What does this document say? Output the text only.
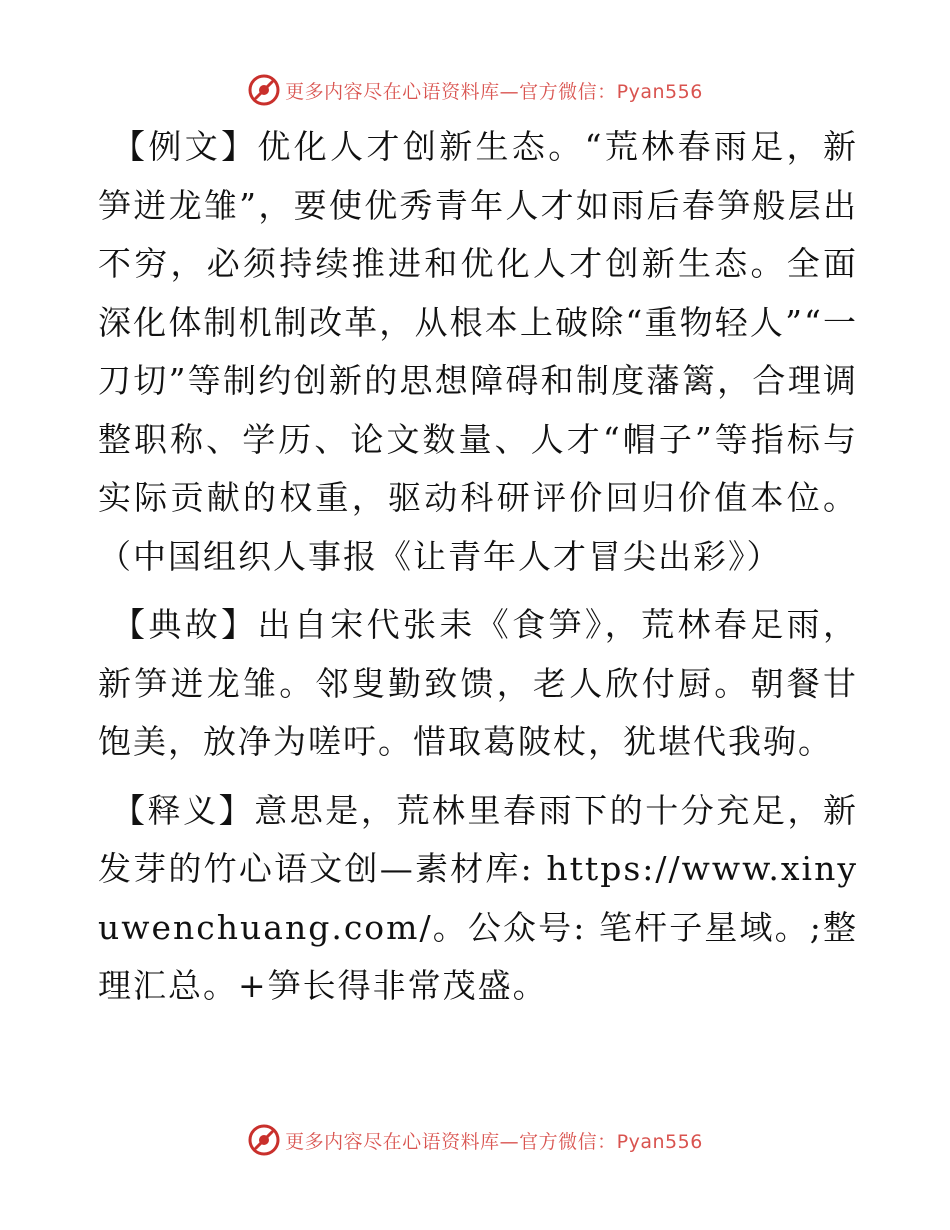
更多内容尽在心语资料库—官方微信：Pyan556

【例文】优化人才创新生态。“荒林春雨足，新笋迸龙雏”，要使优秀青年人才如雨后春笋般层出不穷，必须持续推进和优化人才创新生态。全面深化体制机制改革，从根本上破除“重物轻人”“一刀切”等制约创新的思想障碍和制度藩篱，合理调整职称、学历、论文数量、人才“帽子”等指标与实际贡献的权重，驱动科研评价回归价值本位。（中国组织人事报《让青年人才冒尖出彩》）

【典故】出自宋代张耒《食笋》，荒林春足雨，新笋迸龙雏。邻叟勤致馈，老人欣付厨。朝餐甘饱美，放净为嗟吁。惜取葛陂杖，犹堪代我驹。

【释义】意思是，荒林里春雨下的十分充足，新发芽的竹心语文创—素材库: https://www.xinyuwenchuang.com/。公众号: 笔杆子星域。;整理汇总。+笋长得非常茂盛。

更多内容尽在心语资料库—官方微信：Pyan556
